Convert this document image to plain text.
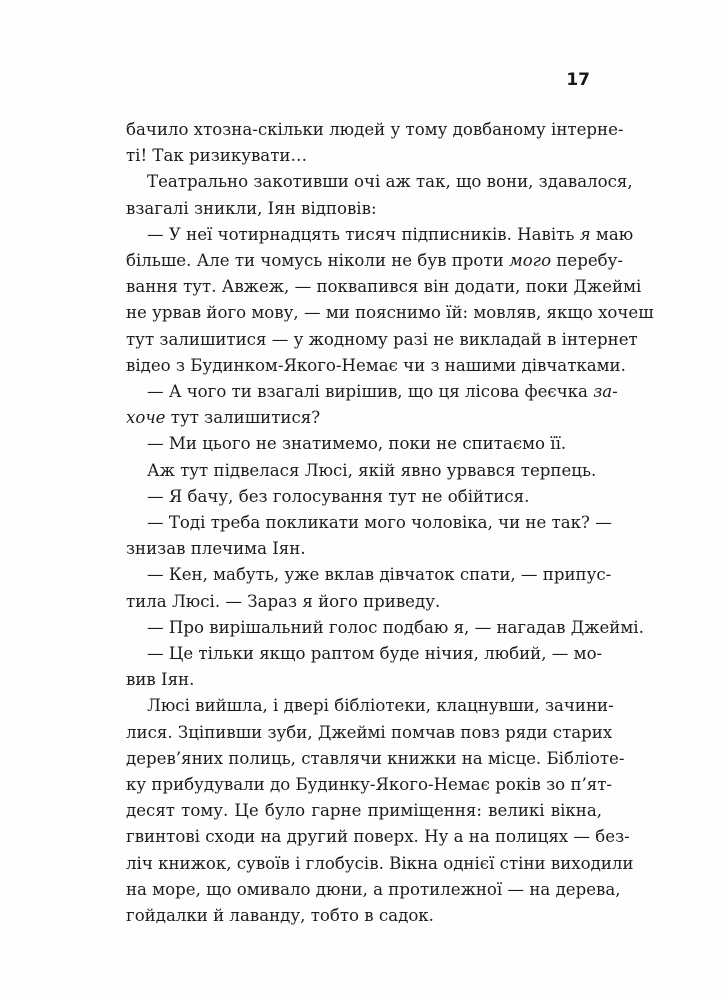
17

бачило хтозна-скільки людей у тому довбаному інтерне-
ті! Так ризикувати…

Театрально закотивши очі аж так, що вони, здавалося,
взагалі зникли, Іян відповів:

— У неї чотирнадцять тисяч підписників. Навіть я маю
більше. Але ти чомусь ніколи не був проти мого перебу-
вання тут. Авжеж, — поквапився він додати, поки Джеймі
не урвав його мову, — ми пояснимо їй: мовляв, якщо хочеш
тут залишитися — у жодному разі не викладай в інтернет
відео з Будинком-Якого-Немає чи з нашими дівчатками.

— А чого ти взагалі вирішив, що ця лісова феєчка за-
хоче тут залишитися?

— Ми цього не знатимемо, поки не спитаємо її.

Аж тут підвелася Люсі, якій явно урвався терпець.

— Я бачу, без голосування тут не обійтися.

— Тоді треба покликати мого чоловіка, чи не так? —
знизав плечима Іян.

— Кен, мабуть, уже вклав дівчаток спати, — припус-
тила Люсі. — Зараз я його приведу.

— Про вирішальний голос подбаю я, — нагадав Джеймі.

— Це тільки якщо раптом буде нічия, любий, — мо-
вив Іян.

Люсі вийшла, і двері бібліотеки, клацнувши, зачини-
лися. Зціпивши зуби, Джеймі помчав повз ряди старих
дерев’яних полиць, ставлячи книжки на місце. Бібліоте-
ку прибудували до Будинку-Якого-Немає років зо п’ят-
десят тому. Це було гарне приміщення: великі вікна,
гвинтові сходи на другий поверх. Ну а на полицях — без-
ліч книжок, сувоїв і глобусів. Вікна однієї стіни виходили
на море, що омивало дюни, а протилежної — на дерева,
гойдалки й лаванду, тобто в садок.
